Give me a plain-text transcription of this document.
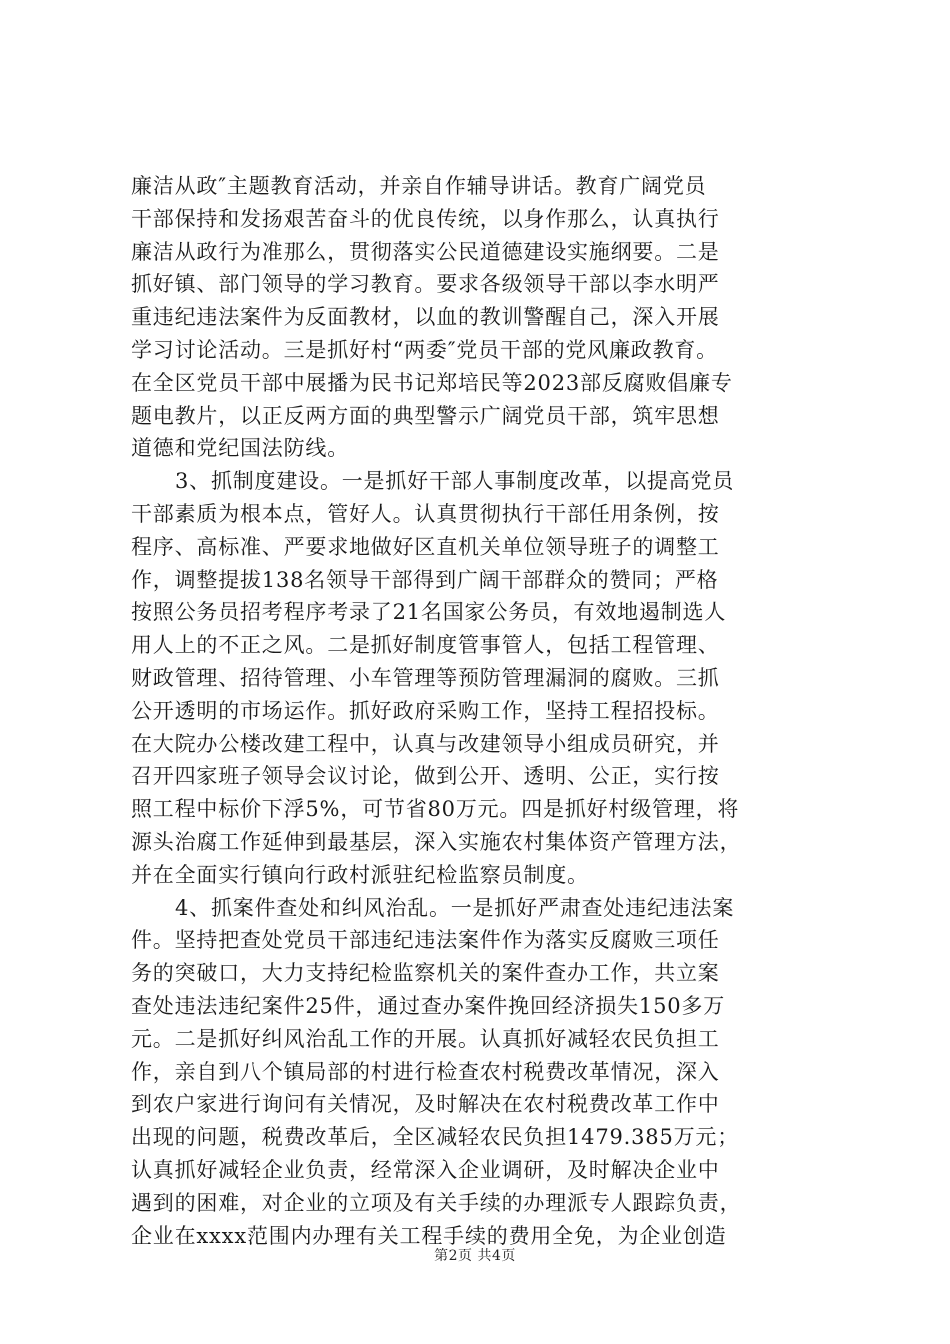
廉洁从政″主题教育活动，并亲自作辅导讲话。教育广阔党员
干部保持和发扬艰苦奋斗的优良传统，以身作那么，认真执行
廉洁从政行为准那么，贯彻落实公民道德建设实施纲要。二是
抓好镇、部门领导的学习教育。要求各级领导干部以李水明严
重违纪违法案件为反面教材，以血的教训警醒自己，深入开展
学习讨论活动。三是抓好村“两委″党员干部的党风廉政教育。
在全区党员干部中展播为民书记郑培民等2023部反腐败倡廉专
题电教片，以正反两方面的典型警示广阔党员干部，筑牢思想
道德和党纪国法防线。
3、抓制度建设。一是抓好干部人事制度改革，以提高党员
干部素质为根本点，管好人。认真贯彻执行干部任用条例，按
程序、高标准、严要求地做好区直机关单位领导班子的调整工
作，调整提拔138名领导干部得到广阔干部群众的赞同；严格
按照公务员招考程序考录了21名国家公务员，有效地遏制选人
用人上的不正之风。二是抓好制度管事管人，包括工程管理、
财政管理、招待管理、小车管理等预防管理漏洞的腐败。三抓
公开透明的市场运作。抓好政府采购工作，坚持工程招投标。
在大院办公楼改建工程中，认真与改建领导小组成员研究，并
召开四家班子领导会议讨论，做到公开、透明、公正，实行按
照工程中标价下浮5%，可节省80万元。四是抓好村级管理，将
源头治腐工作延伸到最基层，深入实施农村集体资产管理方法，
并在全面实行镇向行政村派驻纪检监察员制度。
4、抓案件查处和纠风治乱。一是抓好严肃查处违纪违法案
件。坚持把查处党员干部违纪违法案件作为落实反腐败三项任
务的突破口，大力支持纪检监察机关的案件查办工作，共立案
查处违法违纪案件25件，通过查办案件挽回经济损失150多万
元。二是抓好纠风治乱工作的开展。认真抓好减轻农民负担工
作，亲自到八个镇局部的村进行检查农村税费改革情况，深入
到农户家进行询问有关情况，及时解决在农村税费改革工作中
出现的问题，税费改革后，全区减轻农民负担1479.385万元；
认真抓好减轻企业负责，经常深入企业调研，及时解决企业中
遇到的困难，对企业的立项及有关手续的办理派专人跟踪负责，
企业在xxxx范围内办理有关工程手续的费用全免，为企业创造
第2页 共4页
